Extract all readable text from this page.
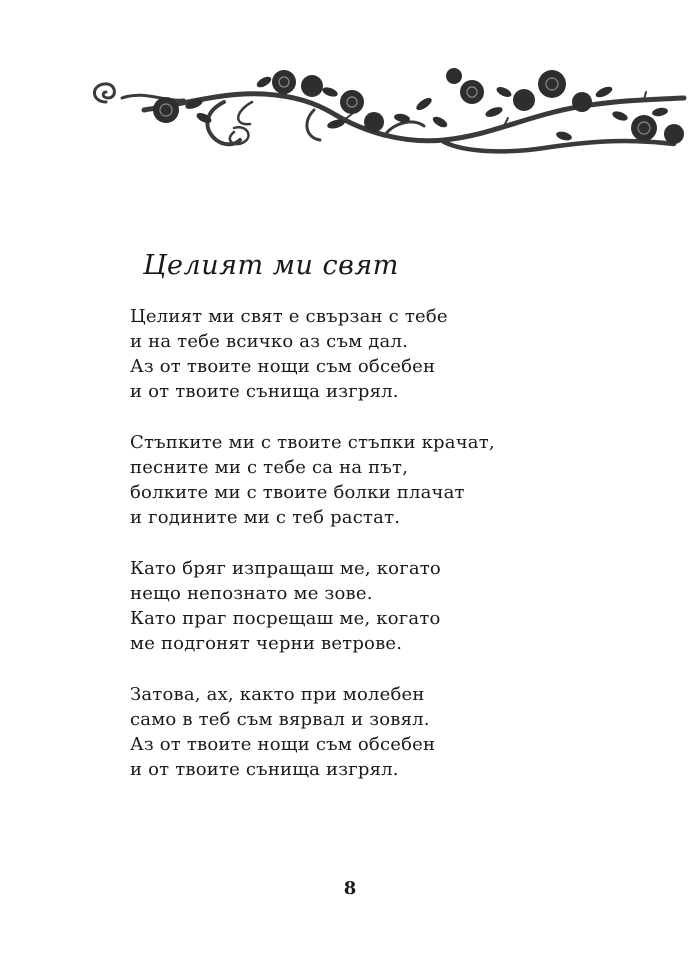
Целият ми свят
Целият ми свят е свързан с тебе
и на тебе всичко аз съм дал.
Аз от твоите нощи съм обсебен
и от твоите сънища изгрял.
Стъпките ми с твоите стъпки крачат,
песните ми с тебе са на път,
болките ми с твоите болки плачат
и годините ми с теб растат.
Като бряг изпращаш ме, когато
нещо непознато ме зове.
Като праг посрещаш ме, когато
ме подгонят черни ветрове.
Затова, ах, както при молебен
само в теб съм вярвал и зовял.
Аз от твоите нощи съм обсебен
и от твоите сънища изгрял.
8
